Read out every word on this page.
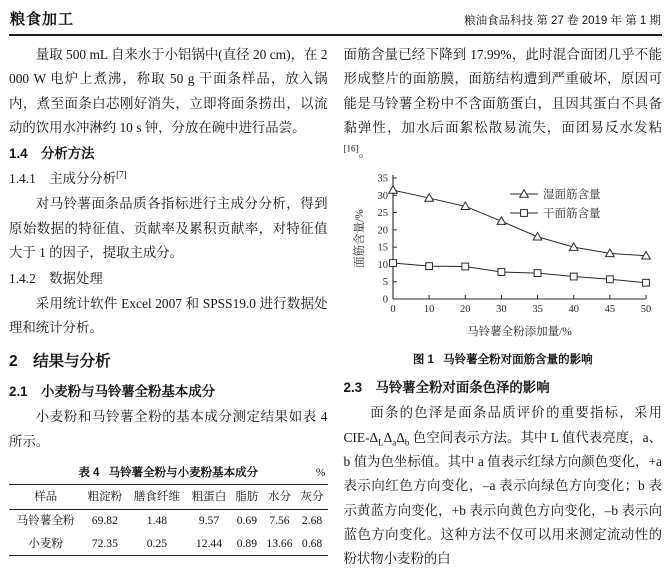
粮食加工	粮油食品科技 第 27 卷 2019 年 第 1 期

量取 500 mL 自来水于小铝锅中(直径 20 cm)，在 2 000 W 电炉上煮沸，称取 50 g 干面条样品，放入锅内，煮至面条白芯刚好消失，立即将面条捞出，以流动的饮用水冲淋约 10 s 钟，分放在碗中进行品尝。

1.4 分析方法

1.4.1 主成分分析[7]

对马铃薯面条品质各指标进行主成分分析，得到原始数据的特征值、贡献率及累积贡献率，对特征值大于 1 的因子，提取主成分。

1.4.2 数据处理

采用统计软件 Excel 2007 和 SPSS19.0 进行数据处理和统计分析。

2 结果与分析

2.1 小麦粉与马铃薯全粉基本成分

小麦粉和马铃薯全粉的基本成分测定结果如表 4 所示。

表 4 马铃薯全粉与小麦粉基本成分	%
样品	粗淀粉	膳食纤维	粗蛋白	脂肪	水分	灰分
马铃薯全粉	69.82	1.48	9.57	0.69	7.56	2.68
小麦粉	72.35	0.25	12.44	0.89	13.66	0.68

面筋含量已经下降到 17.99%，此时混合面团几乎不能形成整片的面筋膜，面筋结构遭到严重破坏，原因可能是马铃薯全粉中不含面筋蛋白，且因其蛋白不具备黏弹性，加水后面絮松散易流失，面团易反水发粘[16]。

0
5
10
15
20
25
30
35
0	10 20 30 35 40 45 50
湿面筋含量
干面筋含量
马铃薯全粉添加量/%
面筋含量/%
图 1 马铃薯全粉对面筋含量的影响

2.3 马铃薯全粉对面条色泽的影响

面条的色泽是面条品质评价的重要指标，采用 CIE-$\Delta_L\Delta_a\Delta_b$ 色空间表示方法。其中 L 值代表亮度，a、b 值为色坐标值。其中 a 值表示红绿方向颜色变化，+a 表示向红色方向变化，–a 表示向绿色方向变化；b 表示黄蓝方向变化，+b 表示向黄色方向变化，–b 表示向蓝色方向变化。这种方法不仅可以用来测定流动性的粉状物小麦粉的白
